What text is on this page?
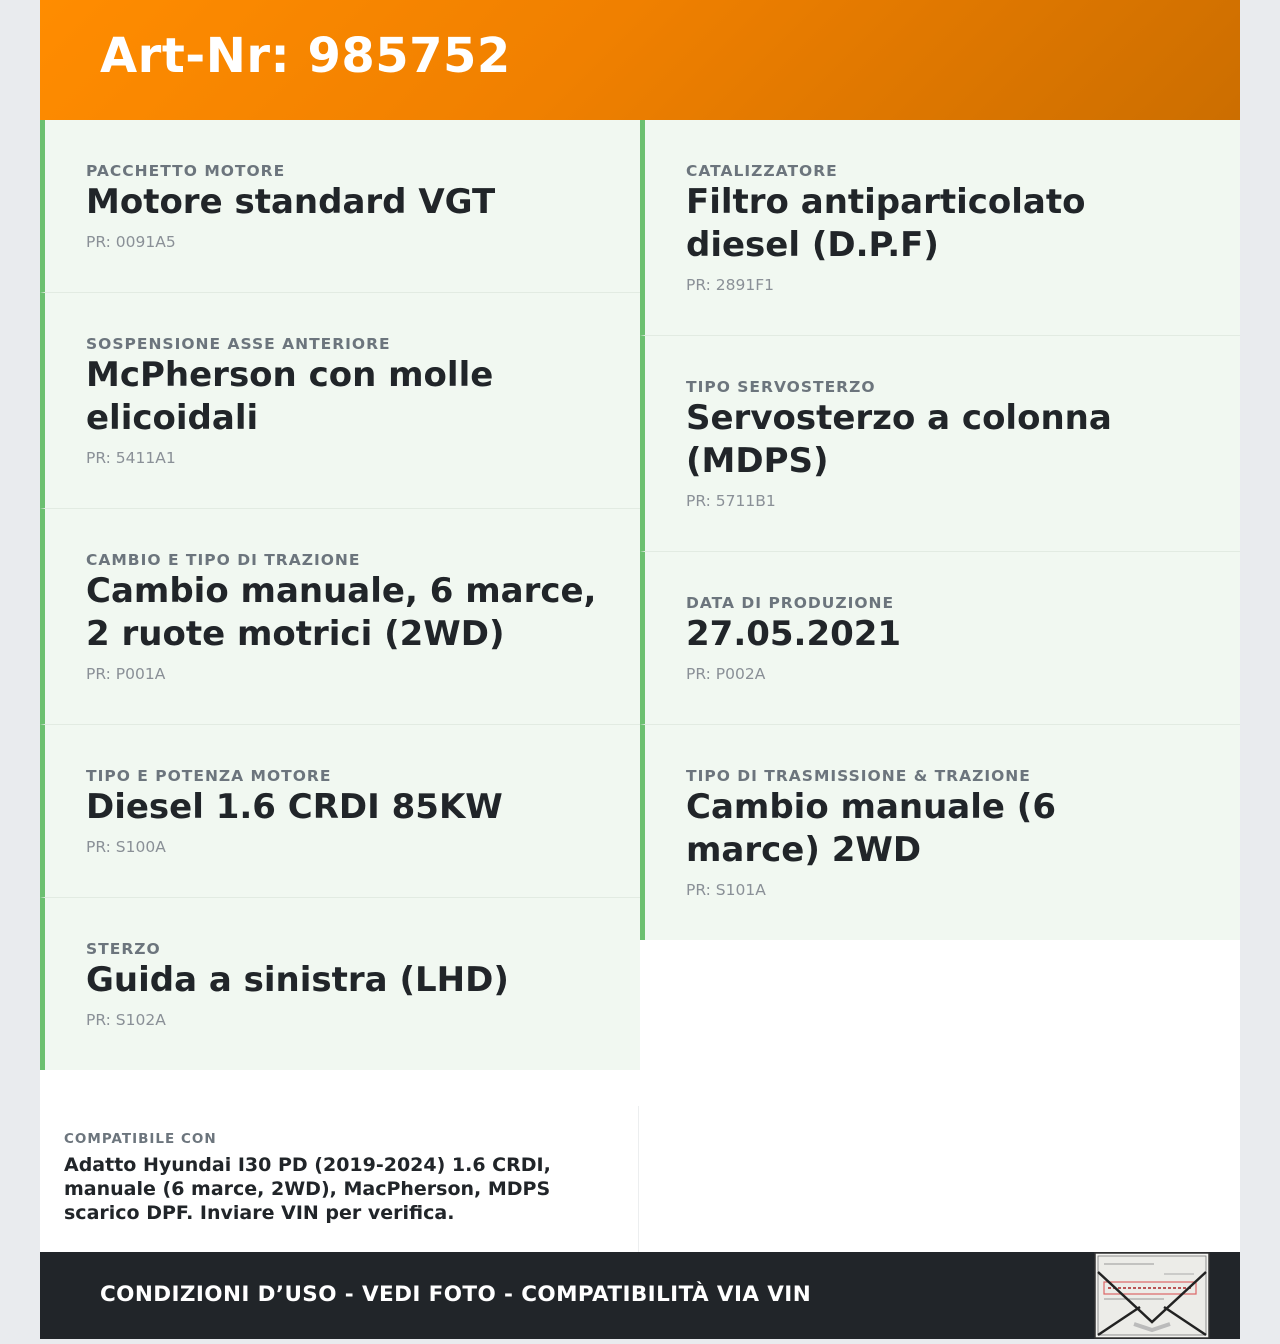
Art-Nr: 985752
PACCHETTO MOTORE
Motore standard VGT
PR: 0091A5
SOSPENSIONE ASSE ANTERIORE
McPherson con molle elicoidali
PR: 5411A1
CAMBIO E TIPO DI TRAZIONE
Cambio manuale, 6 marce, 2 ruote motrici (2WD)
PR: P001A
TIPO E POTENZA MOTORE
Diesel 1.6 CRDI 85KW
PR: S100A
STERZO
Guida a sinistra (LHD)
PR: S102A
CATALIZZATORE
Filtro antiparticolato diesel (D.P.F)
PR: 2891F1
TIPO SERVOSTERZO
Servosterzo a colonna (MDPS)
PR: 5711B1
DATA DI PRODUZIONE
27.05.2021
PR: P002A
TIPO DI TRASMISSIONE & TRAZIONE
Cambio manuale (6 marce) 2WD
PR: S101A
COMPATIBILE CON
Adatto Hyundai I30 PD (2019-2024) 1.6 CRDI, manuale (6 marce, 2WD), MacPherson, MDPS scarico DPF. Inviare VIN per verifica.
CONDIZIONI D’USO - VEDI FOTO - COMPATIBILITÀ VIA VIN
